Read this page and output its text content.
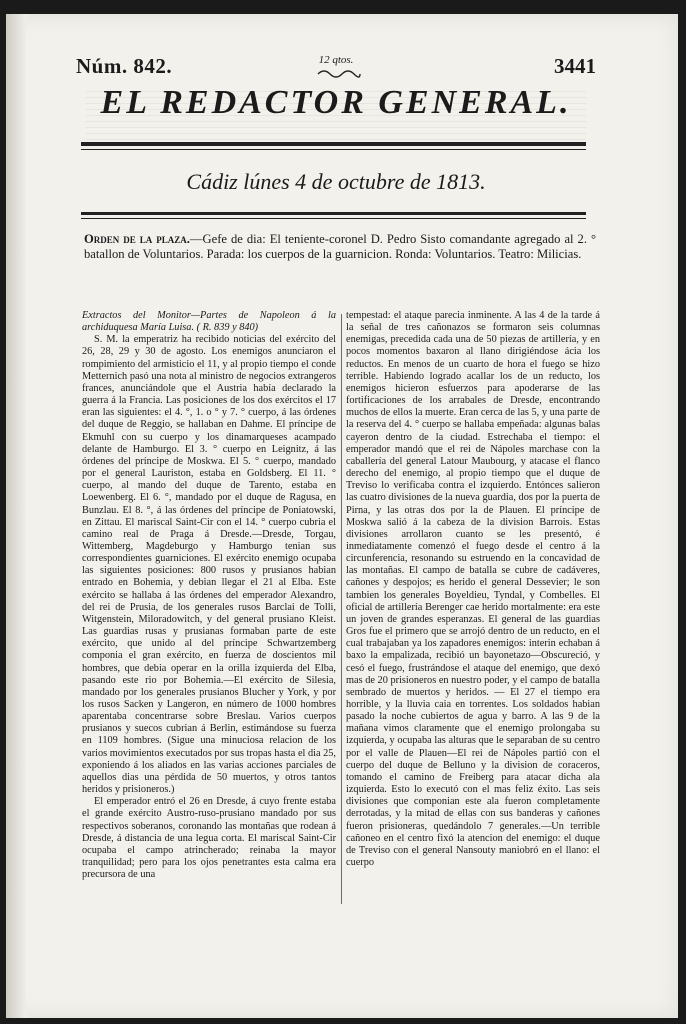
Núm. 842.	12 qtos.	3441
EL REDACTOR GENERAL.
Cádiz lúnes 4 de octubre de 1813.
Orden de la plaza.—Gefe de dia: El teniente-coronel D. Pedro Sisto comandante agregado al 2. ° batallon de Voluntarios. Parada: los cuerpos de la guarnicion. Ronda: Voluntarios. Teatro: Milicias.

Extractos del Monitor—Partes de Napoleon á la archiduquesa María Luisa. ( R. 839 y 840)

S. M. la emperatriz ha recibido noticias del exército del 26, 28, 29 y 30 de agosto. Los enemigos anunciaron el rompimiento del armisticio el 11, y al propio tiempo el conde Metternich pasó una nota al ministro de negocios extrangeros frances, anunciándole que el Austria había declarado la guerra á la Francia. Las posiciones de los dos exércitos el 17 eran las siguientes: el 4. °, 1. o ° y 7. ° cuerpo, á las órdenes del duque de Reggio, se hallaban en Dahme. El príncipe de Ekmuhl con su cuerpo y los dinamarqueses acampado delante de Hamburgo. El 3. ° cuerpo en Leignitz, á las órdenes del príncipe de Moskwa. El 5. ° cuerpo, mandado por el general Lauriston, estaba en Goldsberg. El 11. ° cuerpo, al mando del duque de Tarento, estaba en Loewenberg. El 6. °, mandado por el duque de Ragusa, en Bunzlau. El 8. °, á las órdenes del príncipe de Poniatowski, en Zittau. El mariscal Saint-Cir con el 14. ° cuerpo cubria el camino real de Praga á Dresde.—Dresde, Torgau, Wittemberg, Magdeburgo y Hamburgo tenian sus correspondientes guarniciones. El exército enemigo ocupaba las siguientes posiciones: 800 rusos y prusianos habian entrado en Bohemia, y debian llegar el 21 al Elba. Este exército se hallaba á las órdenes del emperador Alexandro, del rei de Prusia, de los generales rusos Barclai de Tolli, Witgenstein, Miloradowitch, y del general prusiano Kleist. Las guardias rusas y prusianas formaban parte de este exército, que unido al del príncipe Schwartzemberg componia el gran exército, en fuerza de doscientos mil hombres, que debia operar en la orilla izquierda del Elba, pasando este rio por Bohemia.—El exército de Silesia, mandado por los generales prusianos Blucher y York, y por los rusos Sacken y Langeron, en número de 1000 hombres aparentaba concentrarse sobre Breslau. Varios cuerpos prusianos y suecos cubrian á Berlin, estimándose su fuerza en 1109 hombres. (Sigue una minuciosa relacion de los varios movimientos executados por sus tropas hasta el dia 25, exponiendo á los aliados en las varias acciones parciales de aquellos dias una pérdida de 50 muertos, y otros tantos heridos y prisioneros.)

El emperador entró el 26 en Dresde, á cuyo frente estaba el grande exército Austro-ruso-prusiano mandado por sus respectivos soberanos, coronando las montañas que rodean á Dresde, á distancia de una legua corta. El mariscal Saint-Cir ocupaba el campo atrincherado; reinaba la mayor tranquilidad; pero para los ojos penetrantes esta calma era precursora de una

tempestad: el ataque parecia inminente. A las 4 de la tarde á la señal de tres cañonazos se formaron seis columnas enemigas, precedida cada una de 50 piezas de artillería, y en pocos momentos baxaron al llano dirigiéndose ácia los reductos. En menos de un cuarto de hora el fuego se hizo terrible. Habiendo logrado acallar los de un reducto, los enemigos hicieron esfuerzos para apoderarse de las fortificaciones de los arrabales de Dresde, encontrando muchos de ellos la muerte. Eran cerca de las 5, y una parte de la reserva del 4. ° cuerpo se hallaba empeñada: algunas balas cayeron dentro de la ciudad. Estrechaba el tiempo: el emperador mandó que el rei de Nápoles marchase con la caballería del general Latour Maubourg, y atacase el flanco derecho del enemigo, al propio tiempo que el duque de Treviso lo verificaba contra el izquierdo. Entónces salieron las cuatro divisiones de la nueva guardia, dos por la puerta de Pirna, y las otras dos por la de Plauen. El príncipe de Moskwa salió á la cabeza de la division Barrois. Estas divisiones arrollaron cuanto se les presentó, é inmediatamente comenzó el fuego desde el centro á la circunferencia, resonando su estruendo en la concavidad de las montañas. El campo de batalla se cubre de cadáveres, cañones y despojos; es herido el general Dessevier; le son tambien los generales Boyeldieu, Tyndal, y Combelles. El oficial de artillería Berenger cae herido mortalmente: era este un joven de grandes esperanzas. El general de las guardias Gros fue el primero que se arrojó dentro de un reducto, en el cual trabajaban ya los zapadores enemigos: interin echaban á baxo la empalizada, recibió un bayonetazo—Obscureció, y cesó el fuego, frustrándose el ataque del enemigo, que dexó mas de 20 prisioneros en nuestro poder, y el campo de batalla sembrado de muertos y heridos. — El 27 el tiempo era horrible, y la lluvia caia en torrentes. Los soldados habian pasado la noche cubiertos de agua y barro. A las 9 de la mañana vimos claramente que el enemigo prolongaba su izquierda, y ocupaba las alturas que le separaban de su centro por el valle de Plauen—El rei de Nápoles partió con el cuerpo del duque de Belluno y la division de coraceros, tomando el camino de Freiberg para atacar dicha ala izquierda. Esto lo executó con el mas feliz éxito. Las seis divisiones que componian este ala fueron completamente derrotadas, y la mitad de ellas con sus banderas y cañones fueron prisioneras, quedándolo 7 generales.—Un terrible cañoneo en el centro fixó la atencion del enemigo: el duque de Treviso con el general Nansouty maniobró en el llano: el cuerpo
